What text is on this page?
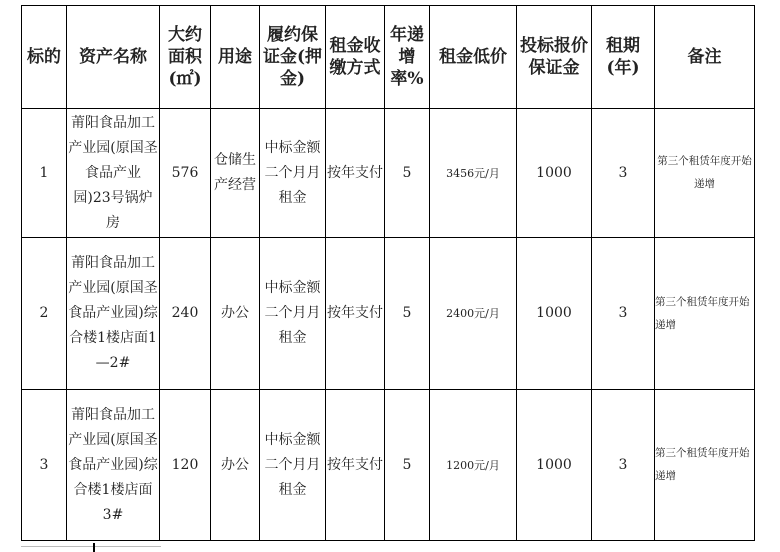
标的	资产名称	大约面积(㎡)	用途	履约保证金(押金)	租金收缴方式	年递增率%	租金低价	投标报价保证金	租期(年)	备注
1	莆阳食品加工产业园(原国圣食品产业园)23号锅炉房	576	仓储生产经营	中标金额二个月月租金	按年支付	5	3456元/月	1000	3	第三个租赁年度开始递增
2	莆阳食品加工产业园(原国圣食品产业园)综合楼1楼店面1—2#	240	办公	中标金额二个月月租金	按年支付	5	2400元/月	1000	3	第三个租赁年度开始递增
3	莆阳食品加工产业园(原国圣食品产业园)综合楼1楼店面3#	120	办公	中标金额二个月月租金	按年支付	5	1200元/月	1000	3	第三个租赁年度开始递增
